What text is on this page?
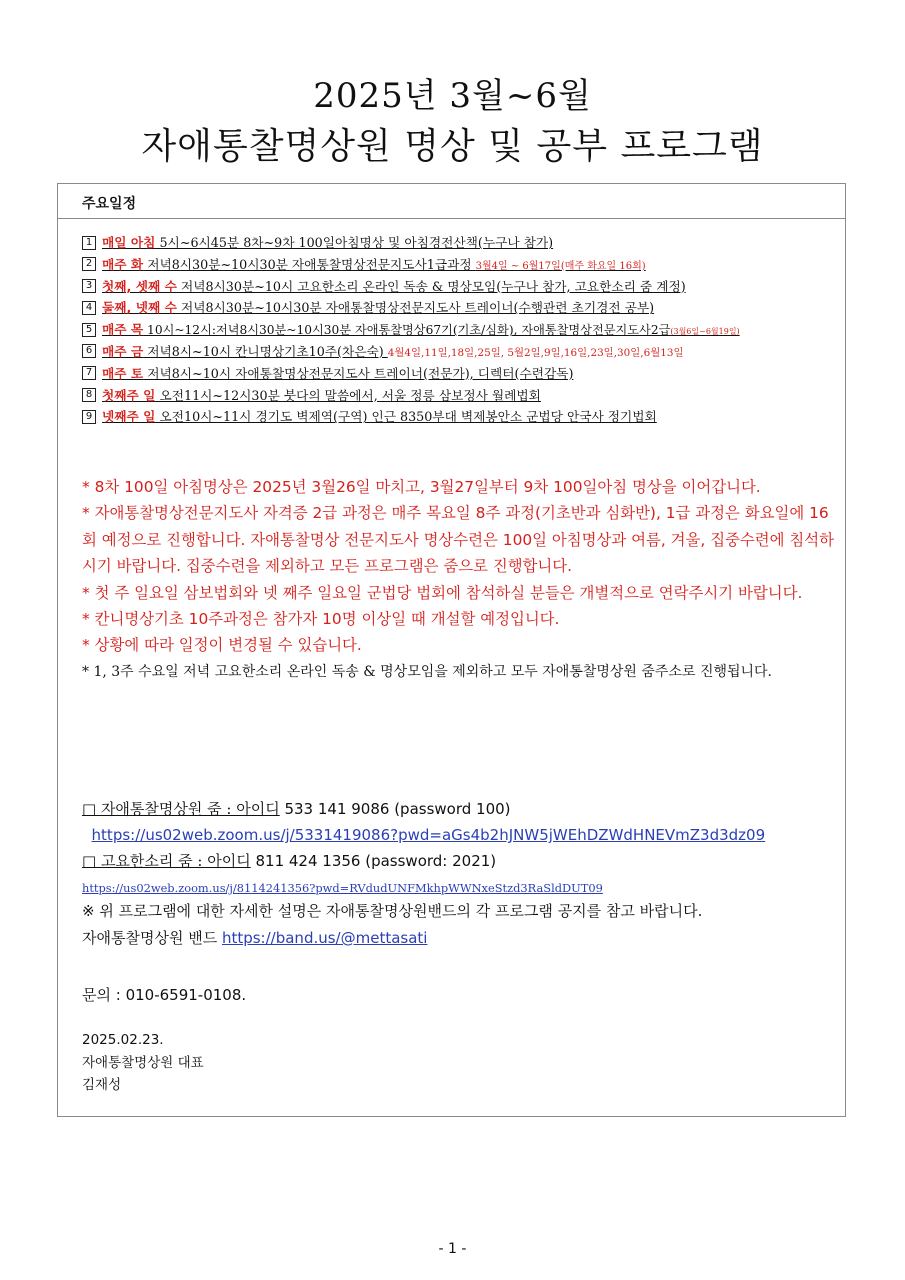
2025년 3월~6월
자애통찰명상원 명상 및 공부 프로그램
주요일정
1 매일 아침 5시~6시45분 8차~9차 100일아침명상 및 아침경전산책(누구나 참가)
2 매주 화 저녁8시30분~10시30분 자애통찰명상전문지도사1급과정 3월4일 ~ 6월17일(매주 화요일 16회)
3 첫째, 셋째 수 저녁8시30분~10시 고요한소리 온라인 독송 & 명상모임(누구나 참가, 고요한소리 줌 계정)
4 둘째, 넷째 수 저녁8시30분~10시30분 자애통찰명상전문지도사 트레이너(수행관련 초기경전 공부)
5 매주 목 10시~12시:저녁8시30분~10시30분 자애통찰명상67기(기초/심화), 자애통찰명상전문지도사2급(3월6일~6월19일)
6 매주 금 저녁8시~10시 칸니명상기초10주(차은숙) 4월4일,11일,18일,25일, 5월2일,9일,16일,23일,30일,6월13일
7 매주 토 저녁8시~10시 자애통찰명상전문지도사 트레이너(전문가), 디렉터(수련감독)
8 첫째주 일 오전11시~12시30분 붓다의 말씀에서, 서울 정릉 삼보정사 월례법회
9 넷째주 일 오전10시~11시 경기도 벽제역(구역) 인근 8350부대 벽제봉안소 군법당 안국사 정기법회
* 8차 100일 아침명상은 2025년 3월26일 마치고, 3월27일부터 9차 100일아침 명상을 이어갑니다.
* 자애통찰명상전문지도사 자격증 2급 과정은 매주 목요일 8주 과정(기초반과 심화반), 1급 과정은 화요일에 16회 예정으로 진행합니다. 자애통찰명상 전문지도사 명상수련은 100일 아침명상과 여름, 겨울, 집중수련에 침석하시기 바랍니다. 집중수련을 제외하고 모든 프로그램은 줌으로 진행합니다.
* 첫 주 일요일 삼보법회와 넷 째주 일요일 군법당 법회에 참석하실 분들은 개별적으로 연락주시기 바랍니다.
* 칸니명상기초 10주과정은 참가자 10명 이상일 때 개설할 예정입니다.
* 상황에 따라 일정이 변경될 수 있습니다.
* 1, 3주 수요일 저녁 고요한소리 온라인 독송 & 명상모임을 제외하고 모두 자애통찰명상원 줌주소로 진행됩니다.
□ 자애통찰명상원 줌 : 아이디 533 141 9086 (password 100)
https://us02web.zoom.us/j/5331419086?pwd=aGs4b2hJNW5jWEhDZWdHNEVmZ3d3dz09
□ 고요한소리 줌 : 아이디 811 424 1356 (password: 2021)
https://us02web.zoom.us/j/8114241356?pwd=RVdudUNFMkhpWWNxeStzd3RaSldDUT09
※ 위 프로그램에 대한 자세한 설명은 자애통찰명상원밴드의 각 프로그램 공지를 참고 바랍니다.
자애통찰명상원 밴드 https://band.us/@mettasati
문의 : 010-6591-0108.
2025.02.23.
자애통찰명상원 대표
김재성
- 1 -
